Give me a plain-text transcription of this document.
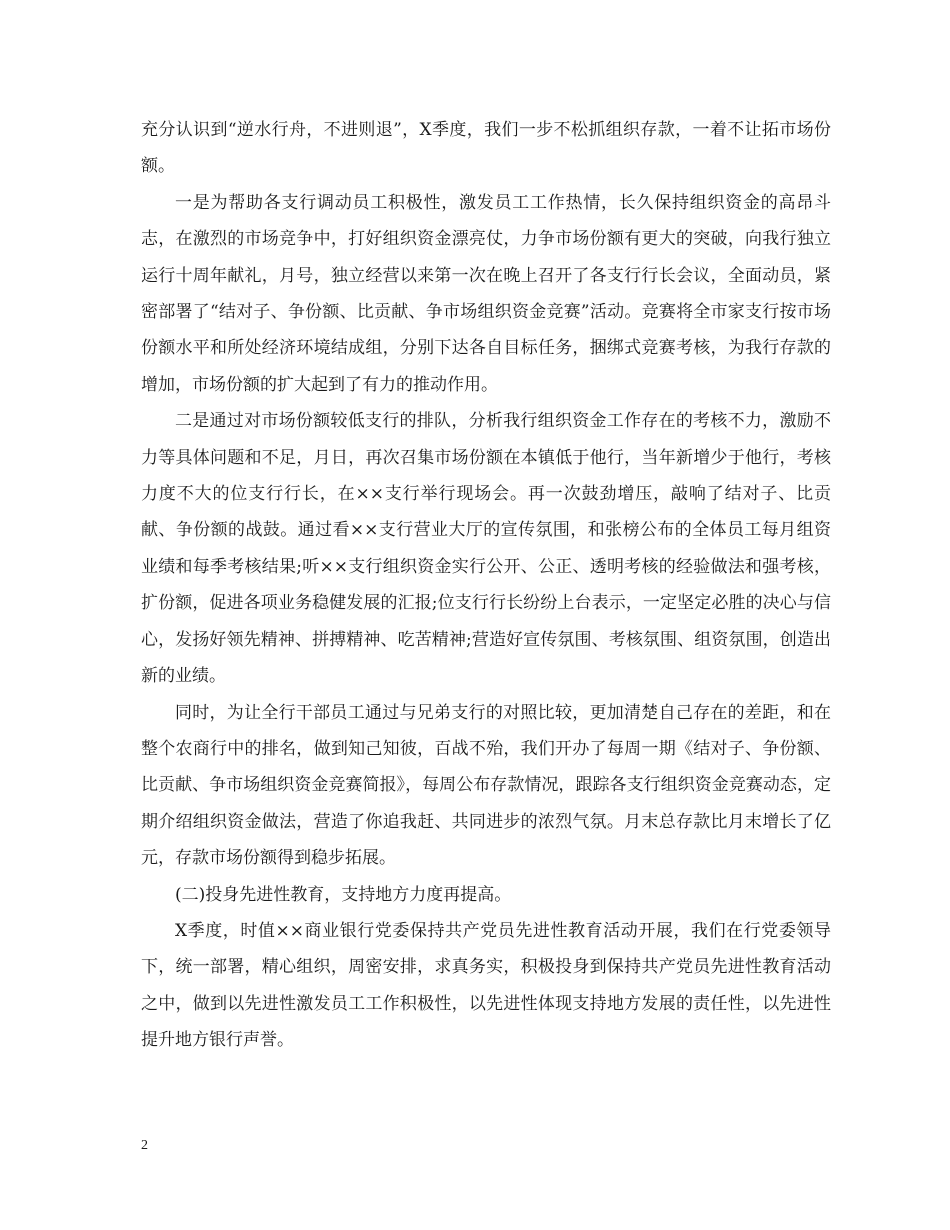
充分认识到“逆水行舟，不进则退”，X季度，我们一步不松抓组织存款，一着不让拓市场份额。

一是为帮助各支行调动员工积极性，激发员工工作热情，长久保持组织资金的高昂斗志，在激烈的市场竞争中，打好组织资金漂亮仗，力争市场份额有更大的突破，向我行独立运行十周年献礼，月号，独立经营以来第一次在晚上召开了各支行行长会议，全面动员，紧密部署了“结对子、争份额、比贡献、争市场组织资金竞赛”活动。竞赛将全市家支行按市场份额水平和所处经济环境结成组，分别下达各自目标任务，捆绑式竞赛考核，为我行存款的增加，市场份额的扩大起到了有力的推动作用。

二是通过对市场份额较低支行的排队，分析我行组织资金工作存在的考核不力，激励不力等具体问题和不足，月日，再次召集市场份额在本镇低于他行，当年新增少于他行，考核力度不大的位支行行长，在××支行举行现场会。再一次鼓劲增压，敲响了结对子、比贡献、争份额的战鼓。通过看××支行营业大厅的宣传氛围，和张榜公布的全体员工每月组资业绩和每季考核结果;听××支行组织资金实行公开、公正、透明考核的经验做法和强考核，扩份额，促进各项业务稳健发展的汇报;位支行行长纷纷上台表示，一定坚定必胜的决心与信心，发扬好领先精神、拼搏精神、吃苦精神;营造好宣传氛围、考核氛围、组资氛围，创造出新的业绩。

同时，为让全行干部员工通过与兄弟支行的对照比较，更加清楚自己存在的差距，和在整个农商行中的排名，做到知己知彼，百战不殆，我们开办了每周一期《结对子、争份额、比贡献、争市场组织资金竞赛简报》，每周公布存款情况，跟踪各支行组织资金竞赛动态，定期介绍组织资金做法，营造了你追我赶、共同进步的浓烈气氛。月末总存款比月末增长了亿元，存款市场份额得到稳步拓展。

(二)投身先进性教育，支持地方力度再提高。

X季度，时值××商业银行党委保持共产党员先进性教育活动开展，我们在行党委领导下，统一部署，精心组织，周密安排，求真务实，积极投身到保持共产党员先进性教育活动之中，做到以先进性激发员工工作积极性，以先进性体现支持地方发展的责任性，以先进性提升地方银行声誉。

2
